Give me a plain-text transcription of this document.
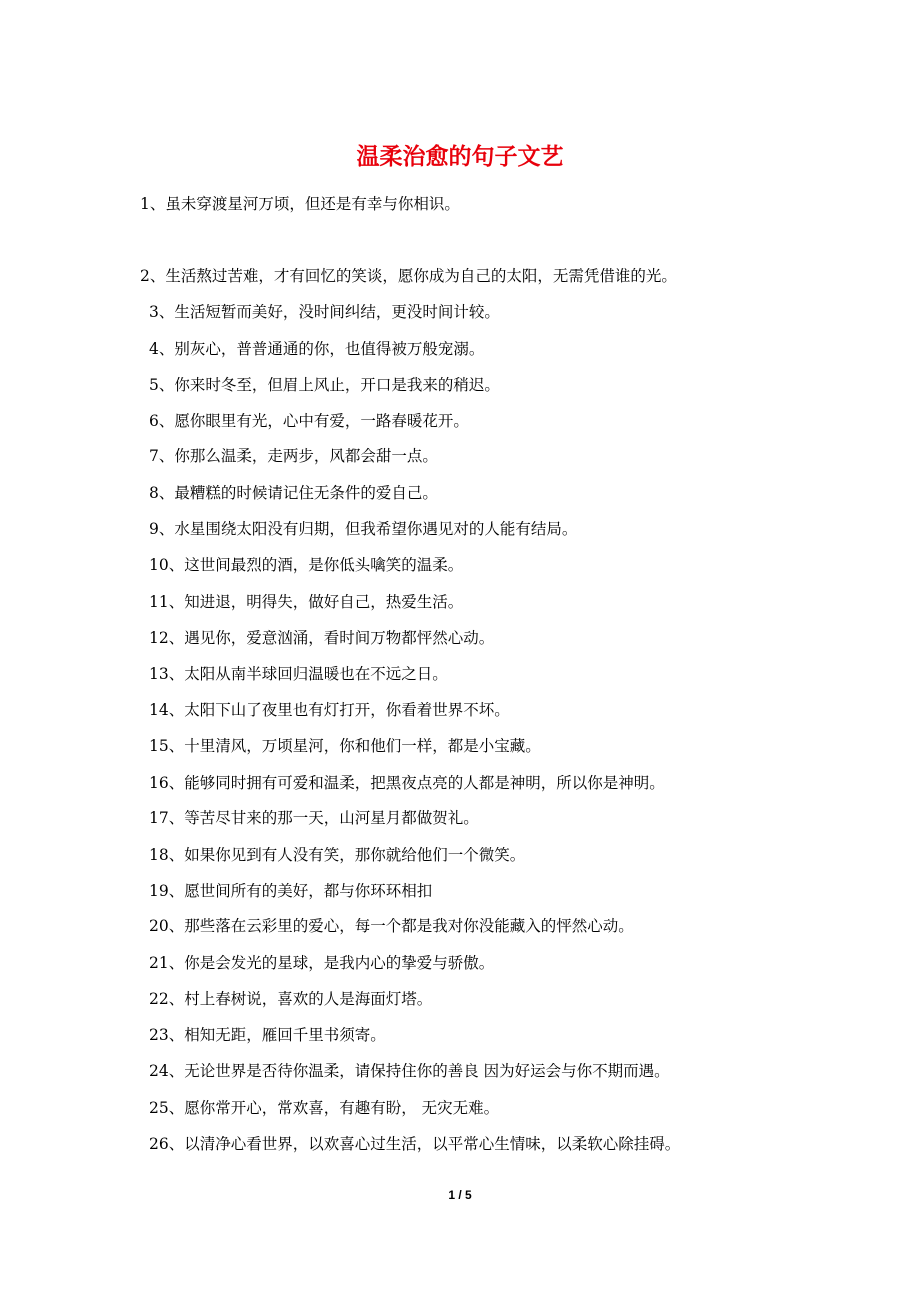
温柔治愈的句子文艺
1、虽未穿渡星河万顷，但还是有幸与你相识。
2、生活熬过苦难，才有回忆的笑谈，愿你成为自己的太阳，无需凭借谁的光。
3、生活短暂而美好，没时间纠结，更没时间计较。
4、别灰心，普普通通的你，也值得被万般宠溺。
5、你来时冬至，但眉上风止，开口是我来的稍迟。
6、愿你眼里有光，心中有爱，一路春暖花开。
7、你那么温柔，走两步，风都会甜一点。
8、最糟糕的时候请记住无条件的爱自己。
9、水星围绕太阳没有归期，但我希望你遇见对的人能有结局。
10、这世间最烈的酒，是你低头噙笑的温柔。
11、知进退，明得失，做好自己，热爱生活。
12、遇见你，爱意汹涌，看时间万物都怦然心动。
13、太阳从南半球回归温暖也在不远之日。
14、太阳下山了夜里也有灯打开，你看着世界不坏。
15、十里清风，万顷星河，你和他们一样，都是小宝藏。
16、能够同时拥有可爱和温柔，把黑夜点亮的人都是神明，所以你是神明。
17、等苦尽甘来的那一天，山河星月都做贺礼。
18、如果你见到有人没有笑，那你就给他们一个微笑。
19、愿世间所有的美好，都与你环环相扣
20、那些落在云彩里的爱心，每一个都是我对你没能藏入的怦然心动。
21、你是会发光的星球，是我内心的挚爱与骄傲。
22、村上春树说，喜欢的人是海面灯塔。
23、相知无距，雁回千里书须寄。
24、无论世界是否待你温柔，请保持住你的善良 因为好运会与你不期而遇。
25、愿你常开心，常欢喜，有趣有盼， 无灾无难。
26、以清净心看世界，以欢喜心过生活，以平常心生情味，以柔软心除挂碍。
1 / 5
